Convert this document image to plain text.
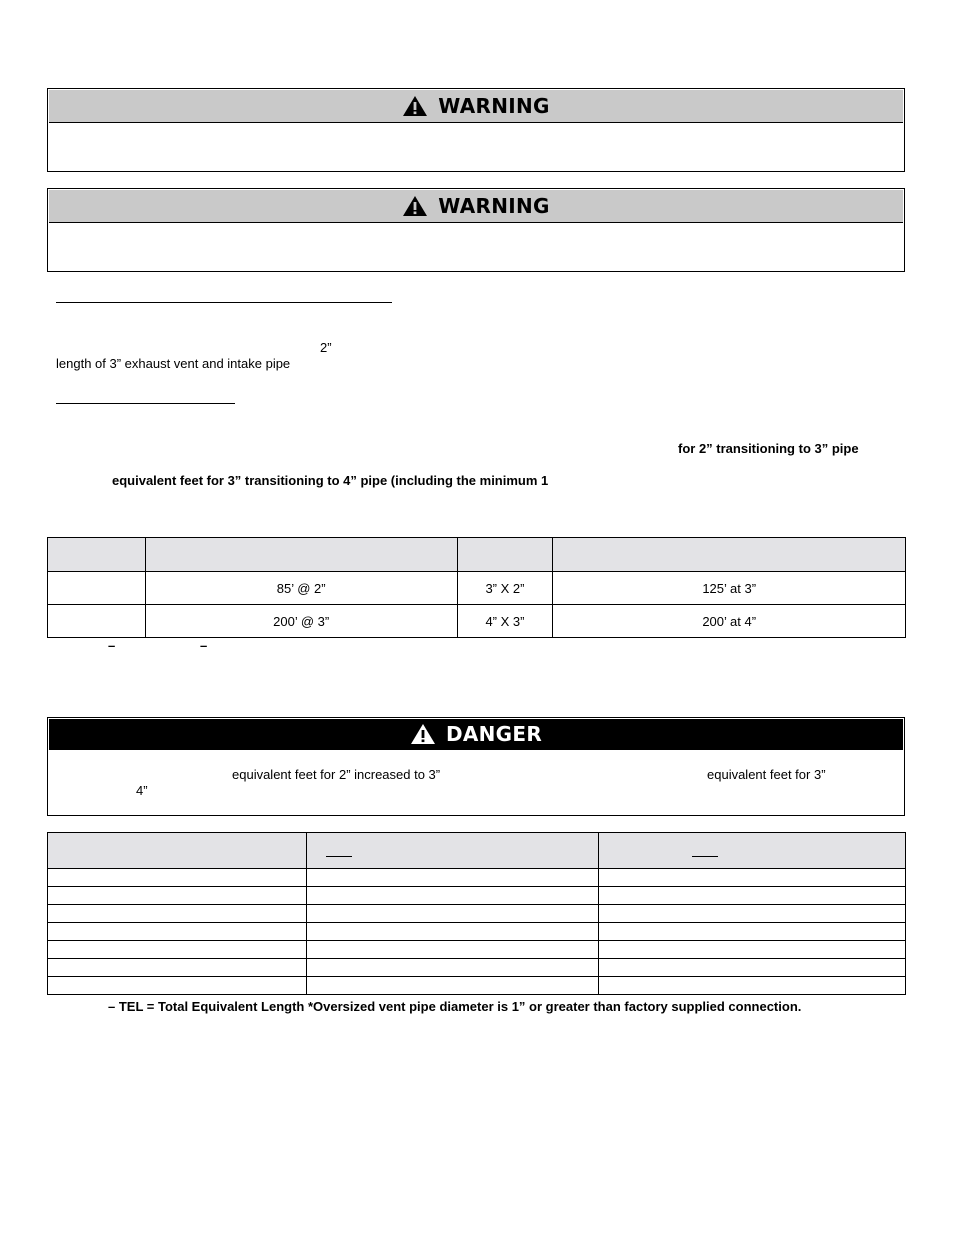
WARNING
WARNING
2”
length of 3” exhaust vent and intake pipe
for 2” transitioning to 3” pipe
equivalent feet for 3” transitioning to 4” pipe (including the minimum 1

	85’ @ 2”	3” X 2”	125’ at 3”
	200’ @ 3”	4” X 3”	200’ at 4”
–	–
DANGER
equivalent feet for 2” increased to 3”	equivalent feet for 3”
4”

– TEL = Total Equivalent Length *Oversized vent pipe diameter is 1” or greater than factory supplied connection.
